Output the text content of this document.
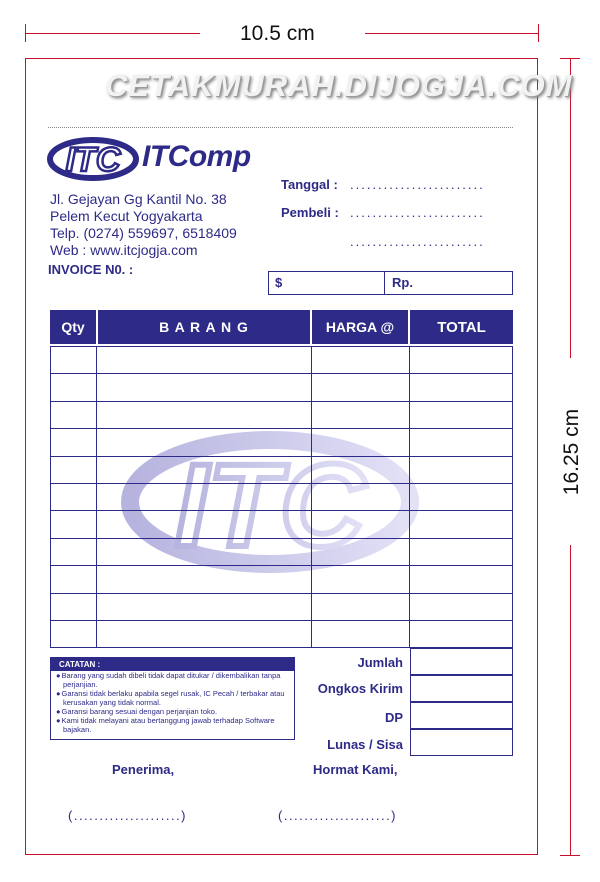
10.5 cm
16.25 cm
CETAKMURAH.DIJOGJA.COM
ITC ITComp
Jl. Gejayan Gg Kantil No. 38
Pelem Kecut Yogyakarta
Telp. (0274) 559697, 6518409
Web : www.itcjogja.com
INVOICE N0. :
Tanggal : ........................
Pembeli : ........................
........................
$	Rp.
Qty	B A R A N G	HARGA @	TOTAL
ITC
CATATAN :
● Barang yang sudah dibeli tidak dapat ditukar / dikembalikan tanpa perjanjian.
● Garansi tidak berlaku apabila segel rusak, IC Pecah / terbakar atau kerusakan yang tidak normal.
● Garansi barang sesuai dengan perjanjian toko.
● Kami tidak melayani atau bertanggung jawab terhadap Software bajakan.
Jumlah
Ongkos Kirim
DP
Lunas / Sisa
Penerima,	Hormat Kami,
(.....................)	(.....................)
